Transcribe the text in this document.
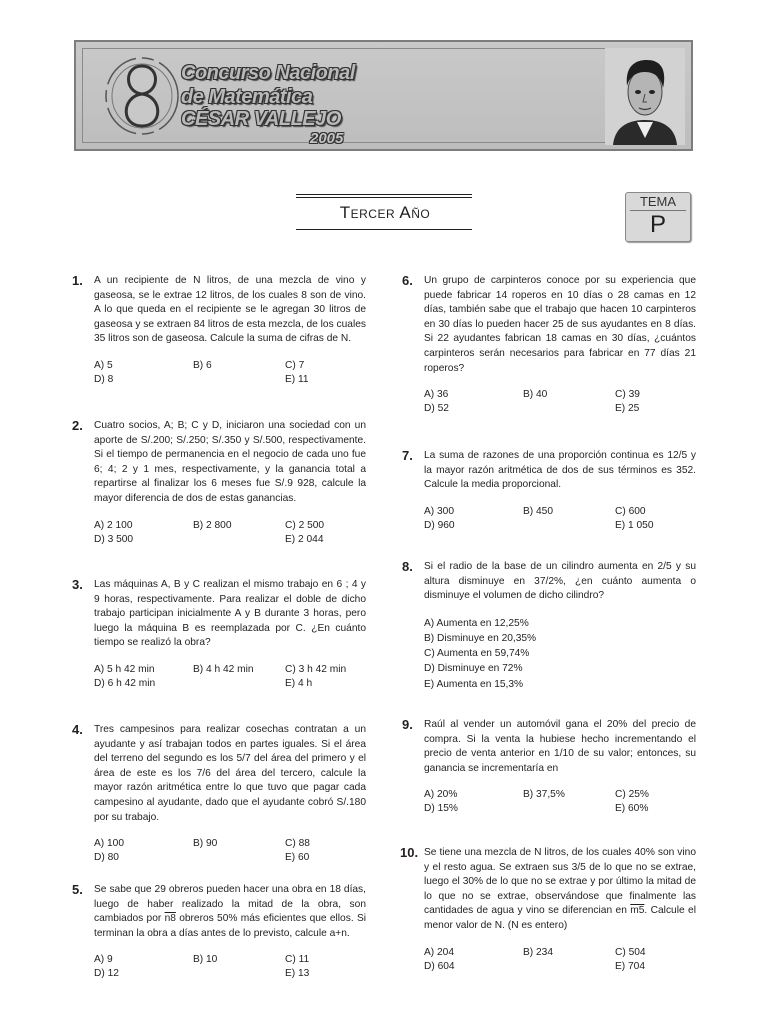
Concurso Nacional
de Matemática
CÉSAR VALLEJO
2005
Tercer Año
TEMA
P
1. A un recipiente de N litros, de una mezcla de vino y gaseosa, se le extrae 12 litros, de los cuales 8 son de vino. A lo que queda en el recipiente se le agregan 30 litros de gaseosa y se extraen 84 litros de esta mezcla, de los cuales 35 litros son de gaseosa. Calcule la suma de cifras de N.
A) 5	B) 6	C) 7
D) 8	E) 11
2. Cuatro socios, A; B; C y D, iniciaron una sociedad con un aporte de S/.200; S/.250; S/.350 y S/.500, respectivamente. Si el tiempo de permanencia en el negocio de cada uno fue 6; 4; 2 y 1 mes, respectivamente, y la ganancia total a repartirse al finalizar los 6 meses fue S/.9 928, calcule la mayor diferencia de dos de estas ganancias.
A) 2 100	B) 2 800	C) 2 500
D) 3 500	E) 2 044
3. Las máquinas A, B y C realizan el mismo trabajo en 6 ; 4 y 9 horas, respectivamente. Para realizar el doble de dicho trabajo participan inicialmente A y B durante 3 horas, pero luego la máquina B es reemplazada por C. ¿En cuánto tiempo se realizó la obra?
A) 5 h 42 min	B) 4 h 42 min	C) 3 h 42 min
D) 6 h 42 min	E) 4 h
4. Tres campesinos para realizar cosechas contratan a un ayudante y así trabajan todos en partes iguales. Si el área del terreno del segundo es los 5/7 del área del primero y el área de este es los 7/6 del área del tercero, calcule la mayor razón aritmética entre lo que tuvo que pagar cada campesino al ayudante, dado que el ayudante cobró S/.180 por su trabajo.
A) 100	B) 90	C) 88
D) 80	E) 60
5. Se sabe que 29 obreros pueden hacer una obra en 18 días, luego de haber realizado la mitad de la obra, son cambiados por n8 obreros 50% más eficientes que ellos. Si terminan la obra a días antes de lo previsto, calcule a+n.
A) 9	B) 10	C) 11
D) 12	E) 13
6. Un grupo de carpinteros conoce por su experiencia que puede fabricar 14 roperos en 10 días o 28 camas en 12 días, también sabe que el trabajo que hacen 10 carpinteros en 30 días lo pueden hacer 25 de sus ayudantes en 8 días. Si 22 ayudantes fabrican 18 camas en 30 días, ¿cuántos carpinteros serán necesarios para fabricar en 77 días 21 roperos?
A) 36	B) 40	C) 39
D) 52	E) 25
7. La suma de razones de una proporción continua es 12/5 y la mayor razón aritmética de dos de sus términos es 352. Calcule la media proporcional.
A) 300	B) 450	C) 600
D) 960	E) 1 050
8. Si el radio de la base de un cilindro aumenta en 2/5 y su altura disminuye en 37/2%, ¿en cuánto aumenta o disminuye el volumen de dicho cilindro?
A) Aumenta en 12,25%
B) Disminuye en 20,35%
C) Aumenta en 59,74%
D) Disminuye en 72%
E) Aumenta en 15,3%
9. Raúl al vender un automóvil gana el 20% del precio de compra. Si la venta la hubiese hecho incrementando el precio de venta anterior en 1/10 de su valor; entonces, su ganancia se incrementaría en
A) 20%	B) 37,5%	C) 25%
D) 15%	E) 60%
10. Se tiene una mezcla de N litros, de los cuales 40% son vino y el resto agua. Se extraen sus 3/5 de lo que no se extrae, luego el 30% de lo que no se extrae y por último la mitad de lo que no se extrae, observándose que finalmente las cantidades de agua y vino se diferencian en m5. Calcule el menor valor de N. (N es entero)
A) 204	B) 234	C) 504
D) 604	E) 704
